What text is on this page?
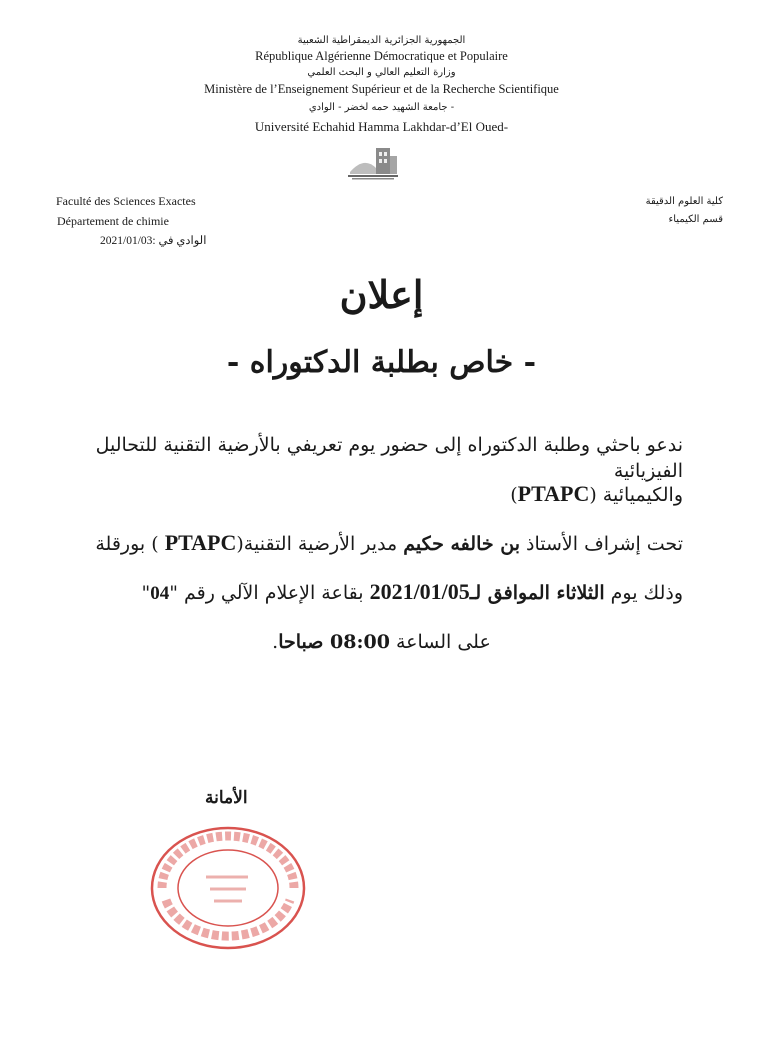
الجمهورية الجزائرية الديمقراطية الشعبية
République Algérienne Démocratique et Populaire
وزارة التعليم العالي و البحث العلمي
Ministère de l’Enseignement Supérieur et de la Recherche Scientifique
جامعة الشهيد حمه لخضر - الوادي -
Université Echahid Hamma Lakhdar-d’El Oued-
Faculté des Sciences Exactes
Département de chimie
2021/01/03: الوادي في
كلية العلوم الدقيقة
قسم الكيمياء
إعلان
- خاص بطلبة الدكتوراه -
ندعو باحثي وطلبة الدكتوراه إلى حضور يوم تعريفي بالأرضية التقنية للتحاليل الفيزيائية
والكيميائية (PTAPC)
تحت إشراف الأستاذ بن خالفه حكيم مدير الأرضية التقنية(PTAPC ) بورقلة
وذلك يوم الثلاثاء الموافق لـ2021/01/05 بقاعة الإعلام الآلي رقم "04"
على الساعة 08:00 صباحا.
الأمانة
